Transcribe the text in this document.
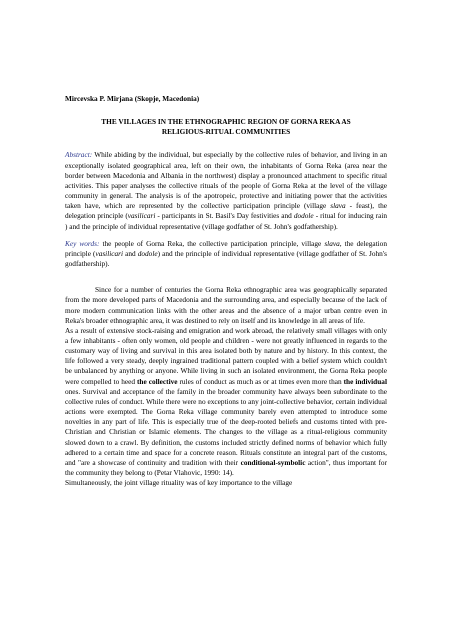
Mircevska P. Mirjana (Skopje, Macedonia)
THE VILLAGES IN THE ETHNOGRAPHIC REGION OF GORNA REKA AS
RELIGIOUS-RITUAL COMMUNITIES
Abstract: While abiding by the individual, but especially by the collective rules of behavior, and living in an exceptionally isolated geographical area, left on their own, the inhabitants of Gorna Reka (area near the border between Macedonia and Albania in the northwest) display a pronounced attachment to specific ritual activities. This paper analyses the collective rituals of the people of Gorna Reka at the level of the village community in general. The analysis is of the apotropeic, protective and initiating power that the activities taken have, which are represented by the collective participation principle (village slava - feast), the delegation principle (vasilicari - participants in St. Basil's Day festivities and dodole - ritual for inducing rain ) and the principle of individual representative (village godfather of St. John's godfathership).
Key words: the people of Gorna Reka, the collective participation principle, village slava, the delegation principle (vasilicari and dodole) and the principle of individual representative (village godfather of St. John's godfathership).
Since for a number of centuries the Gorna Reka ethnographic area was geographically separated from the more developed parts of Macedonia and the surrounding area, and especially because of the lack of more modern communication links with the other areas and the absence of a major urban centre even in Reka's broader ethnographic area, it was destined to rely on itself and its knowledge in all areas of life.
As a result of extensive stock-raising and emigration and work abroad, the relatively small villages with only a few inhabitants - often only women, old people and children - were not greatly influenced in regards to the customary way of living and survival in this area isolated both by nature and by history. In this context, the life followed a very steady, deeply ingrained traditional pattern coupled with a belief system which couldn't be unbalanced by anything or anyone. While living in such an isolated environment, the Gorna Reka people were compelled to heed the collective rules of conduct as much as or at times even more than the individual ones. Survival and acceptance of the family in the broader community have always been subordinate to the collective rules of conduct. While there were no exceptions to any joint-collective behavior, certain individual actions were exempted. The Gorna Reka village community barely even attempted to introduce some novelties in any part of life. This is especially true of the deep-rooted beliefs and customs tinted with pre-Christian and Christian or Islamic elements. The changes to the village as a ritual-religious community slowed down to a crawl. By definition, the customs included strictly defined norms of behavior which fully adhered to a certain time and space for a concrete reason. Rituals constitute an integral part of the customs, and "are a showcase of continuity and tradition with their conditional-symbolic action", thus important for the community they belong to (Petar Vlahovic, 1990: 14).
Simultaneously, the joint village rituality was of key importance to the village
